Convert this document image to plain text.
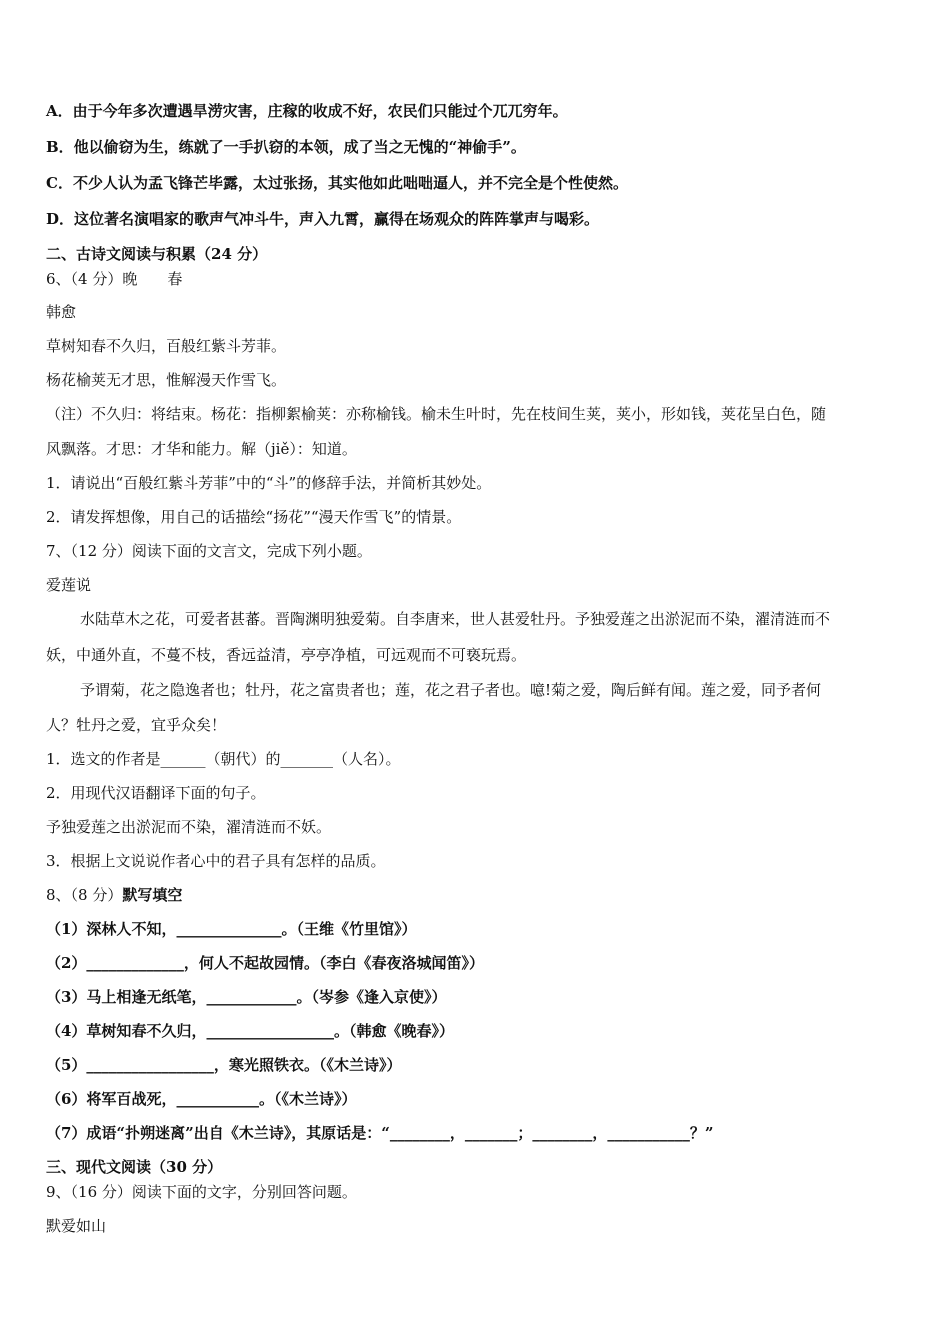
A．由于今年多次遭遇旱涝灾害，庄稼的收成不好，农民们只能过个兀兀穷年。
B．他以偷窃为生，练就了一手扒窃的本领，成了当之无愧的“神偷手”。
C．不少人认为孟飞锋芒毕露，太过张扬，其实他如此咄咄逼人，并不完全是个性使然。
D．这位著名演唱家的歌声气冲斗牛，声入九霄，赢得在场观众的阵阵掌声与喝彩。
二、古诗文阅读与积累（24 分）
6、（4 分）晚　　春
韩愈
草树知春不久归，百般红紫斗芳菲。
杨花榆荚无才思，惟解漫天作雪飞。
（注）不久归：将结束。杨花：指柳絮榆荚：亦称榆钱。榆未生叶时，先在枝间生荚，荚小，形如钱，荚花呈白色，随
风飘落。才思：才华和能力。解（jiě）：知道。
1．请说出“百般红紫斗芳菲”中的“斗”的修辞手法，并简析其妙处。
2．请发挥想像，用自己的话描绘“扬花”“漫天作雪飞”的情景。
7、（12 分）阅读下面的文言文，完成下列小题。
爱莲说
水陆草木之花，可爱者甚蕃。晋陶渊明独爱菊。自李唐来，世人甚爱牡丹。予独爱莲之出淤泥而不染，濯清涟而不
妖，中通外直，不蔓不枝，香远益清，亭亭净植，可远观而不可亵玩焉。
予谓菊，花之隐逸者也；牡丹，花之富贵者也；莲，花之君子者也。噫!菊之爱，陶后鲜有闻。莲之爱，同予者何
人？牡丹之爱，宜乎众矣！
1．选文的作者是______（朝代）的_______（人名）。
2．用现代汉语翻译下面的句子。
予独爱莲之出淤泥而不染，濯清涟而不妖。
3．根据上文说说作者心中的君子具有怎样的品质。
8、（8 分）默写填空
（1）深林人不知，______________。（王维《竹里馆》）
（2）_____________，何人不起故园情。（李白《春夜洛城闻笛》）
（3）马上相逢无纸笔，____________。（岑参《逢入京使》）
（4）草树知春不久归，_________________。（韩愈《晚春》）
（5）_________________，寒光照铁衣。（《木兰诗》）
（6）将军百战死，___________。（《木兰诗》）
（7）成语“扑朔迷离”出自《木兰诗》，其原话是：“________，_______；________，___________？”
三、现代文阅读（30 分）
9、（16 分）阅读下面的文字，分别回答问题。
默爱如山
